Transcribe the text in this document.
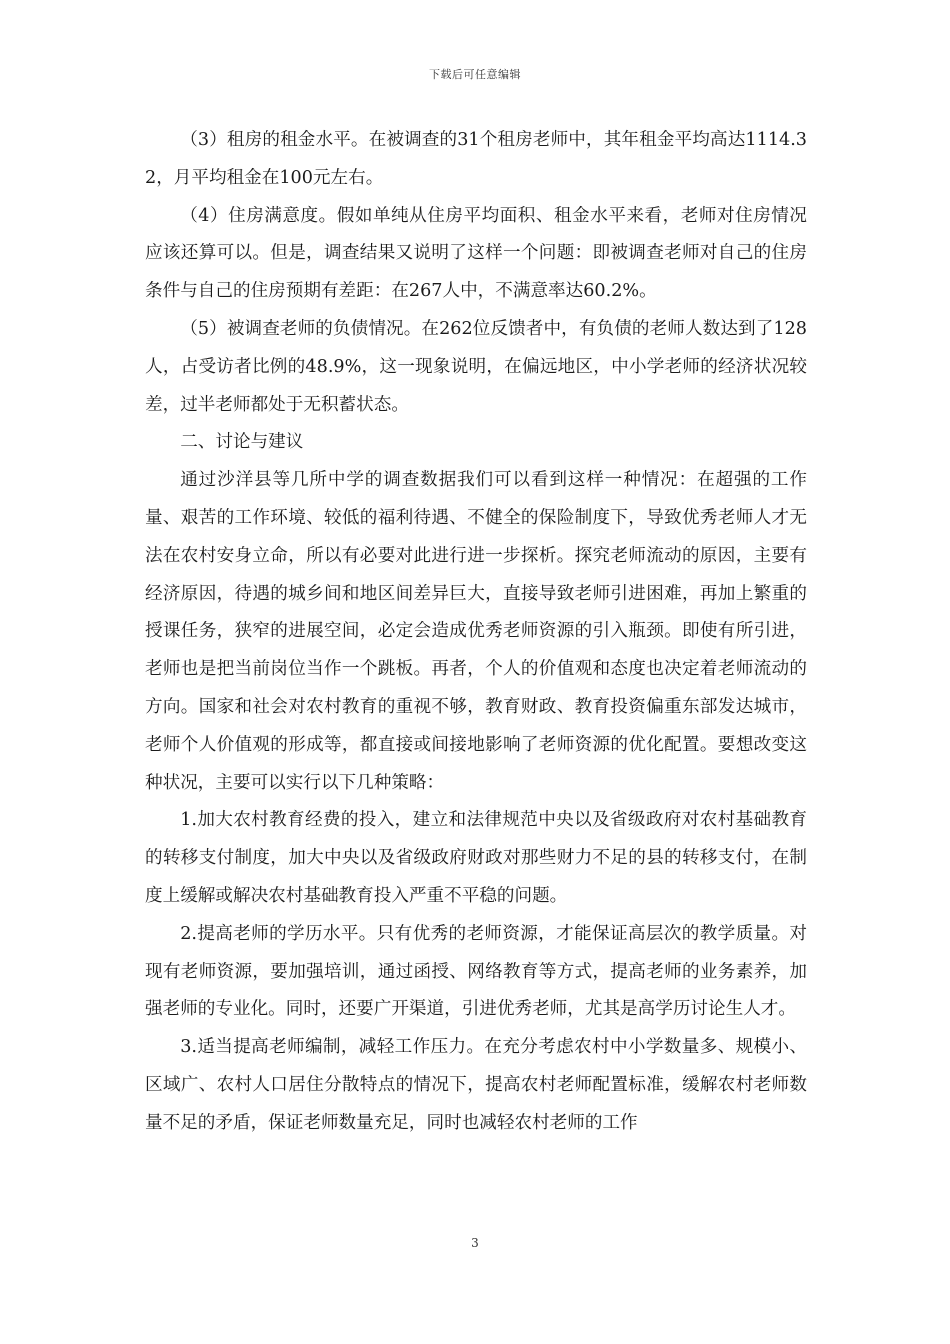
下载后可任意编辑

（3）租房的租金水平。在被调查的31个租房老师中，其年租金平均高达1114.32，月平均租金在100元左右。

（4）住房满意度。假如单纯从住房平均面积、租金水平来看，老师对住房情况应该还算可以。但是，调查结果又说明了这样一个问题：即被调查老师对自己的住房条件与自己的住房预期有差距：在267人中，不满意率达60.2%。

（5）被调查老师的负债情况。在262位反馈者中，有负债的老师人数达到了128人，占受访者比例的48.9%，这一现象说明，在偏远地区，中小学老师的经济状况较差，过半老师都处于无积蓄状态。

二、讨论与建议

通过沙洋县等几所中学的调查数据我们可以看到这样一种情况：在超强的工作量、艰苦的工作环境、较低的福利待遇、不健全的保险制度下，导致优秀老师人才无法在农村安身立命，所以有必要对此进行进一步探析。探究老师流动的原因，主要有经济原因，待遇的城乡间和地区间差异巨大，直接导致老师引进困难，再加上繁重的授课任务，狭窄的进展空间，必定会造成优秀老师资源的引入瓶颈。即使有所引进，老师也是把当前岗位当作一个跳板。再者，个人的价值观和态度也决定着老师流动的方向。国家和社会对农村教育的重视不够，教育财政、教育投资偏重东部发达城市，老师个人价值观的形成等，都直接或间接地影响了老师资源的优化配置。要想改变这种状况，主要可以实行以下几种策略：

1.加大农村教育经费的投入，建立和法律规范中央以及省级政府对农村基础教育的转移支付制度，加大中央以及省级政府财政对那些财力不足的县的转移支付，在制度上缓解或解决农村基础教育投入严重不平稳的问题。

2.提高老师的学历水平。只有优秀的老师资源，才能保证高层次的教学质量。对现有老师资源，要加强培训，通过函授、网络教育等方式，提高老师的业务素养，加强老师的专业化。同时，还要广开渠道，引进优秀老师，尤其是高学历讨论生人才。

3.适当提高老师编制，减轻工作压力。在充分考虑农村中小学数量多、规模小、区域广、农村人口居住分散特点的情况下，提高农村老师配置标准，缓解农村老师数量不足的矛盾，保证老师数量充足，同时也减轻农村老师的工作

3
